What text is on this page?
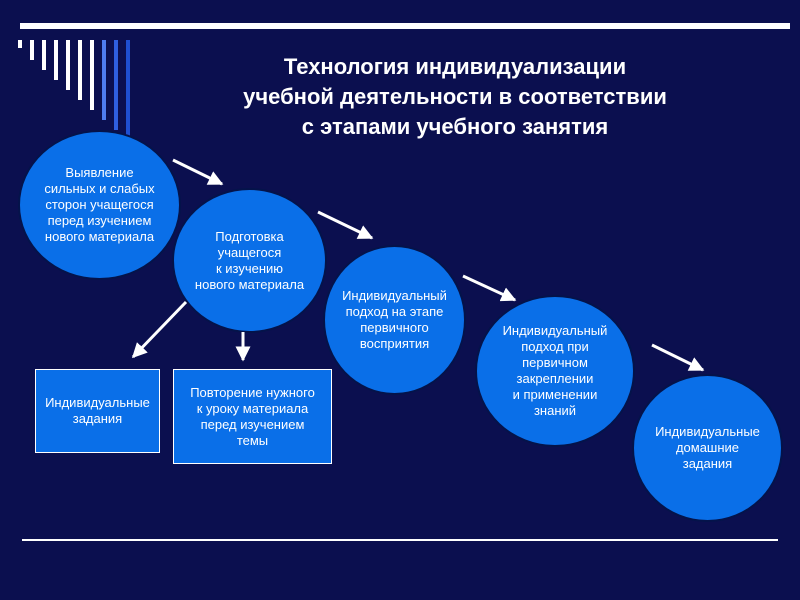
Технология индивидуализации
учебной деятельности в соответствии
с этапами учебного занятия
Выявление
сильных и слабых
сторон учащегося
перед изучением
нового материала	Подготовка
учащегося
к изучению
нового материала
Индивидуальный
подход на этапе
первичного
восприятия
Индивидуальный
подход при
первичном
закреплении
и применении
знаний
Индивидуальные
домашние
задания
Индивидуальные
задания
Повторение нужного
к уроку материала
перед изучением
темы
